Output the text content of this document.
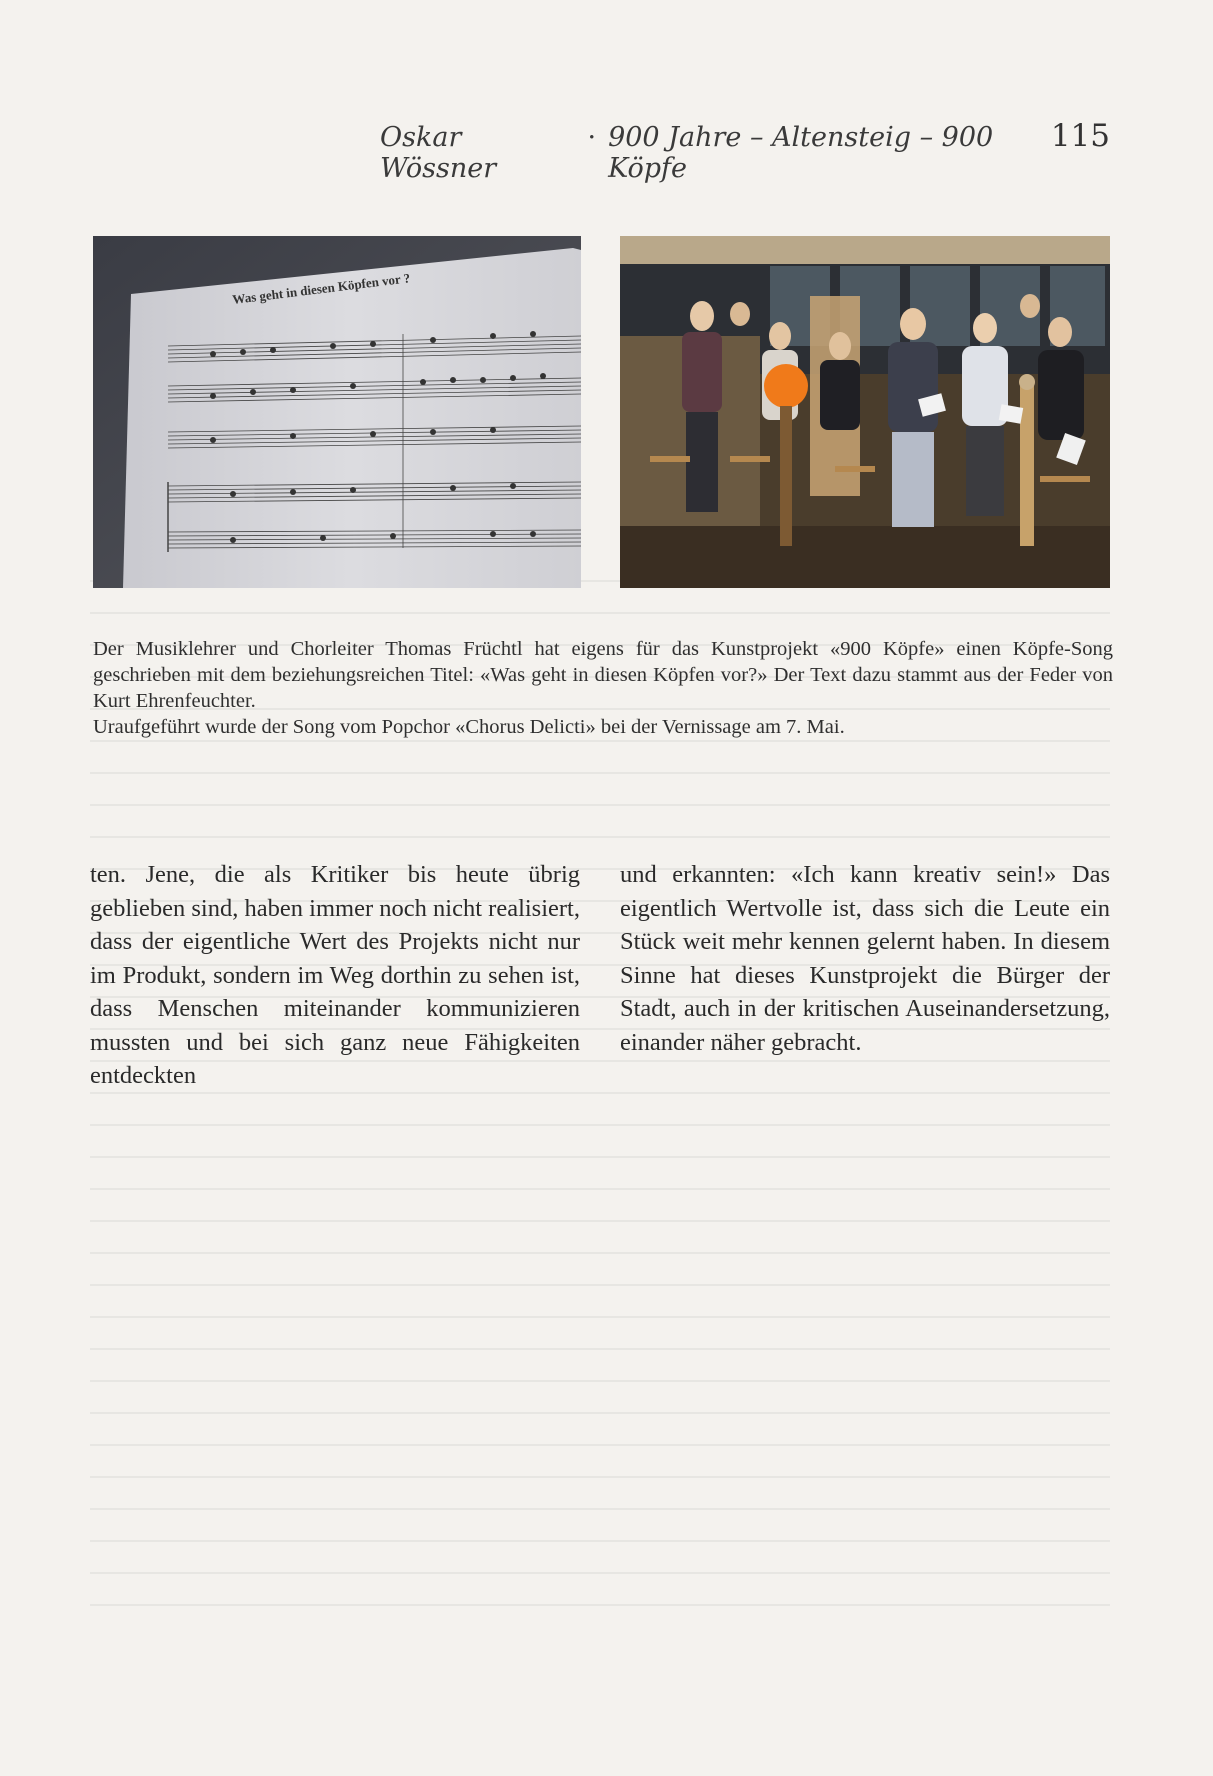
Oskar Wössner
· 900 Jahre – Altensteig – 900 Köpfe
115
Was geht in diesen Köpfen vor ?

Der Musiklehrer und Chorleiter Thomas Früchtl hat eigens für das Kunstprojekt «900 Köpfe» einen Köpfe-Song geschrieben mit dem beziehungsreichen Titel: «Was geht in diesen Köpfen vor?» Der Text dazu stammt aus der Feder von Kurt Ehrenfeuchter.

Uraufgeführt wurde der Song vom Popchor «Chorus Delicti» bei der Vernissage am 7. Mai.

ten. Jene, die als Kritiker bis heute übrig geblieben sind, haben immer noch nicht realisiert, dass der eigentliche Wert des Projekts nicht nur im Produkt, sondern im Weg dorthin zu sehen ist, dass Menschen miteinander kommunizieren mussten und bei sich ganz neue Fähigkeiten entdeckten

und erkannten: «Ich kann kreativ sein!» Das eigentlich Wertvolle ist, dass sich die Leute ein Stück weit mehr kennen gelernt haben. In diesem Sinne hat dieses Kunstprojekt die Bürger der Stadt, auch in der kritischen Auseinandersetzung, einander näher gebracht.
